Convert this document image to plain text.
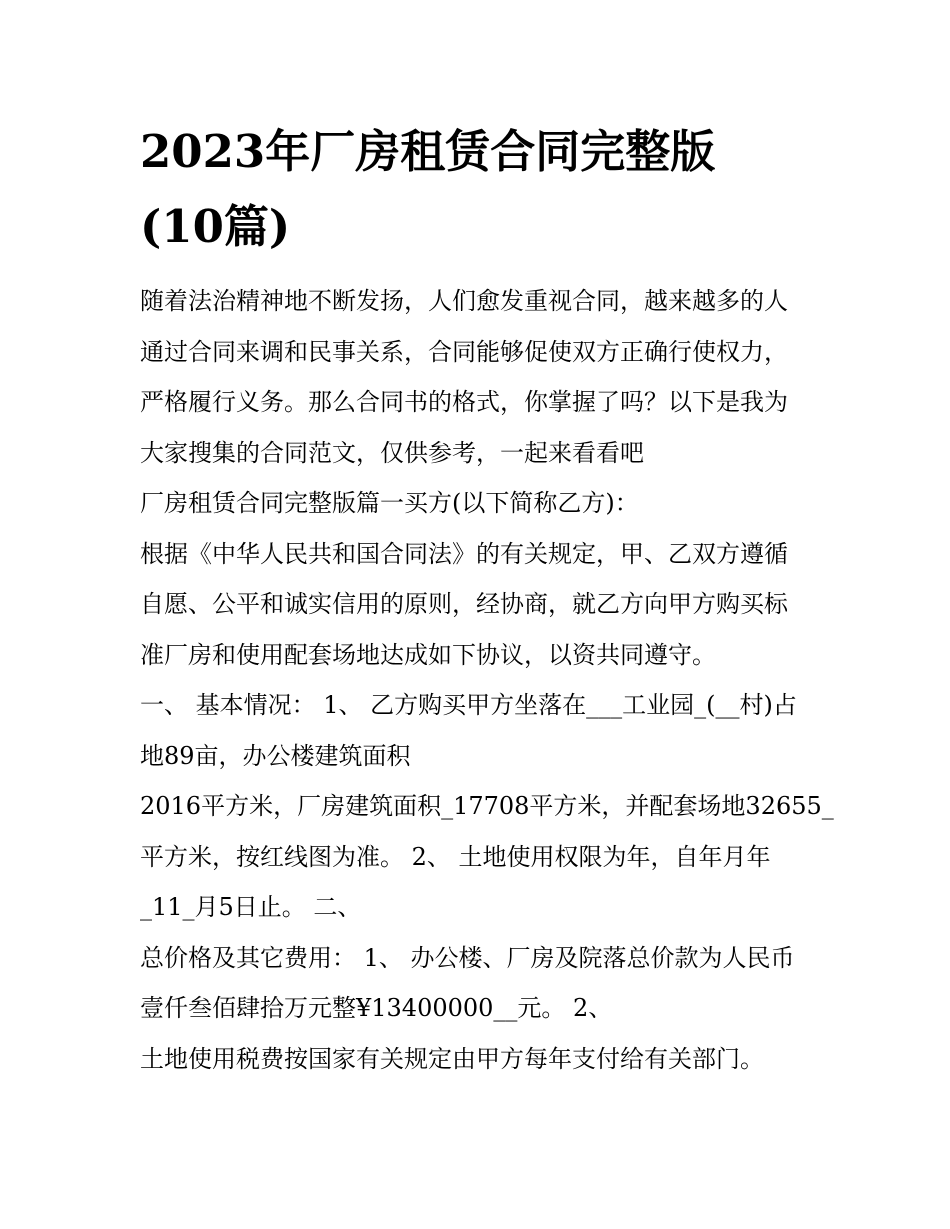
2023年厂房租赁合同完整版
(10篇)
随着法治精神地不断发扬，人们愈发重视合同，越来越多的人
通过合同来调和民事关系，合同能够促使双方正确行使权力，
严格履行义务。那么合同书的格式，你掌握了吗？以下是我为
大家搜集的合同范文，仅供参考，一起来看看吧
厂房租赁合同完整版篇一买方(以下简称乙方)：
根据《中华人民共和国合同法》的有关规定，甲、乙双方遵循
自愿、公平和诚实信用的原则，经协商，就乙方向甲方购买标
准厂房和使用配套场地达成如下协议，以资共同遵守。
一、 基本情况： 1、 乙方购买甲方坐落在___工业园_(__村)占
地89亩，办公楼建筑面积
2016平方米，厂房建筑面积_17708平方米，并配套场地32655_
平方米，按红线图为准。 2、 土地使用权限为年，自年月年
_11_月5日止。 二、
总价格及其它费用： 1、 办公楼、厂房及院落总价款为人民币
壹仟叁佰肆拾万元整¥13400000__元。 2、
土地使用税费按国家有关规定由甲方每年支付给有关部门。
